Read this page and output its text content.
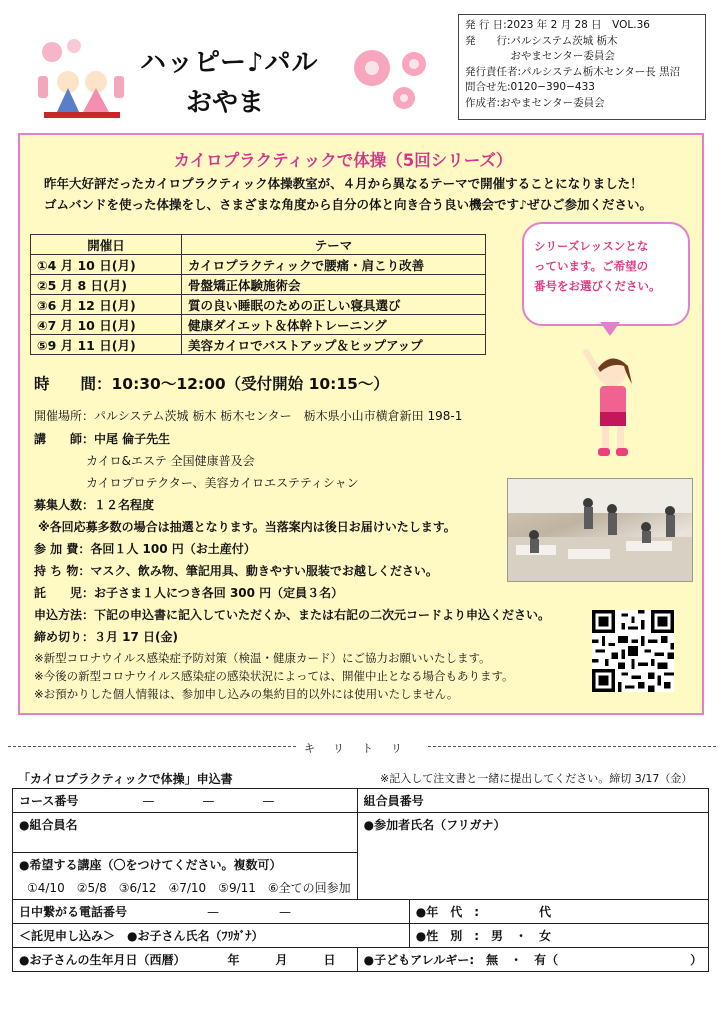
ハッピー♪パル
おやま
発 行 日:2023 年 2 月 28 日　VOL.36
発　　行:パルシステム茨城 栃木
　　　　 おやまセンター委員会
発行責任者:パルシステム栃木センター長 黒沼
問合せ先:0120−390−433
作成者:おやまセンター委員会
カイロプラクティックで体操（5回シリーズ）
昨年大好評だったカイロプラクティック体操教室が、４月から異なるテーマで開催することになりました！
ゴムバンドを使った体操をし、さまざまな角度から自分の体と向き合う良い機会です♪ぜひご参加ください。
開催日	テーマ
①4 月 10 日(月)	カイロプラクティックで腰痛・肩こり改善
②5 月 8 日(月)	骨盤矯正体験施術会
③6 月 12 日(月)	質の良い睡眠のための正しい寝具選び
④7 月 10 日(月)	健康ダイエット＆体幹トレーニング
⑤9 月 11 日(月)	美容カイロでバストアップ＆ヒップアップ
シリーズレッスンとな
っています。ご希望の
番号をお選びください。
時　　間：10:30〜12:00（受付開始 10:15〜）
開催場所：パルシステム茨城 栃木 栃木センター　栃木県小山市横倉新田 198-1
講　　師：中尾 倫子先生
カイロ&エステ 全国健康普及会
カイロプロテクター、美容カイロエステティシャン
募集人数：１２名程度
※各回応募多数の場合は抽選となります。当落案内は後日お届けいたします。
参 加 費：各回１人 100 円（お土産付）
持 ち 物：マスク、飲み物、筆記用具、動きやすい服装でお越しください。
託　　児：お子さま１人につき各回 300 円（定員３名）
申込方法：下記の申込書に記入していただくか、または右記の二次元コードより申込ください。
締め切り：３月 17 日(金)
※新型コロナウイルス感染症予防対策（検温・健康カード）にご協力お願いいたします。
※今後の新型コロナウイルス感染症の感染状況によっては、開催中止となる場合もあります。
※お預かりした個人情報は、参加申し込みの集約目的以外には使用いたしません。
キリトリ
「カイロプラクティックで体操」申込書	※記入して注文書と一緒に提出してください。締切 3/17（金）
コース番号 —　　　　—　　　　—	組合員番号	
●組合員名	●参加者氏名（フリガナ）	

●希望する講座（〇をつけてください。複数可）
①4/10　②5/8　③6/12　④7/10　⑤9/11　⑥全ての回参加		

日中繋がる電話番号 —　　　　　—		●年　代　:　　　　　代
＜託児申し込み＞　●お子さん氏名（ﾌﾘｶﾞﾅ）		●性　別　:　男　・　女
●お子さんの生年月日（西暦）　　　　年　　　月　　　日	●子どもアレルギー:　無　・　有（　　　　　　　　　　　）	
